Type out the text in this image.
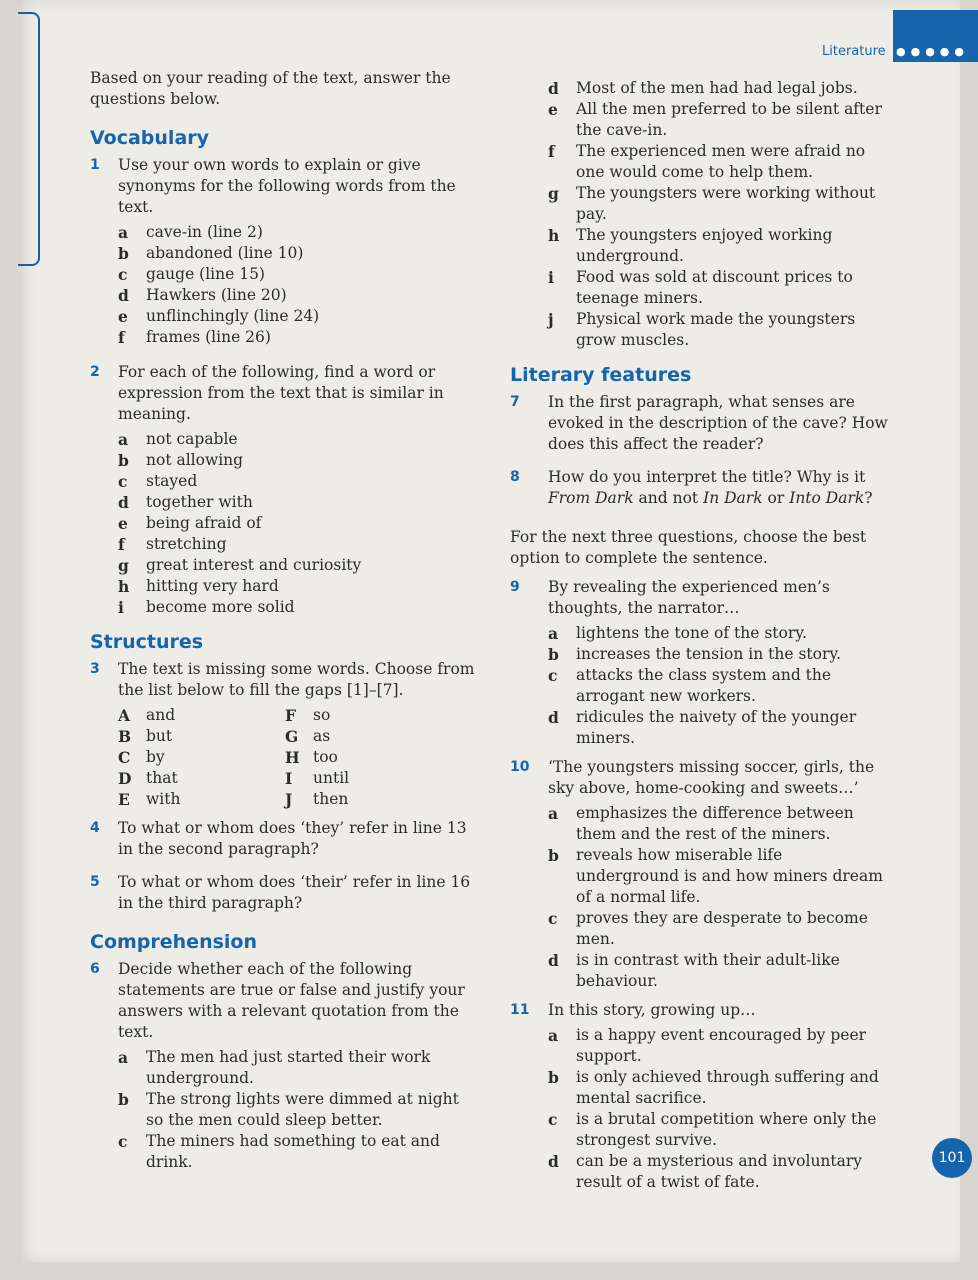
●●●●●
Literature

Based on your reading of the text, answer the questions below.

Vocabulary
1	Use your own words to explain or give synonyms for the following words from the text.
a	cave-in (line 2)
b	abandoned (line 10)
c	gauge (line 15)
d	Hawkers (line 20)
e	unflinchingly (line 24)
f	frames (line 26)
2	For each of the following, find a word or expression from the text that is similar in meaning.
a	not capable
b	not allowing
c	stayed
d	together with
e	being afraid of
f	stretching
g	great interest and curiosity
h	hitting very hard
i	become more solid
Structures
3	The text is missing some words. Choose from the list below to fill the gaps [1]–[7].
A	and	F	so
B but	G as
C	by	H too
D that	I	until
E	with	J	then
4	To what or whom does ‘they’ refer in line 13 in the second paragraph?
5	To what or whom does ‘their’ refer in line 16 in the third paragraph?
Comprehension
6	Decide whether each of the following statements are true or false and justify your answers with a relevant quotation from the text.
a	The men had just started their work underground.
b	The strong lights were dimmed at night so the men could sleep better.
c	The miners had something to eat and drink.
d	Most of the men had had legal jobs.
e	All the men preferred to be silent after the cave-in.
f	The experienced men were afraid no one would come to help them.
g	The youngsters were working without pay.
h	The youngsters enjoyed working underground.
i	Food was sold at discount prices to teenage miners.
j	Physical work made the youngsters grow muscles.
Literary features
7	In the first paragraph, what senses are evoked in the description of the cave? How does this affect the reader?
8	How do you interpret the title? Why is it From Dark and not In Dark or Into Dark?

For the next three questions, choose the best option to complete the sentence.

9	By revealing the experienced men’s thoughts, the narrator…
a	lightens the tone of the story.
b	increases the tension in the story.
c	attacks the class system and the arrogant new workers.
d	ridicules the naivety of the younger miners.
10	‘The youngsters missing soccer, girls, the sky above, home-cooking and sweets…’
a	emphasizes the difference between them and the rest of the miners.
b	reveals how miserable life underground is and how miners dream of a normal life.
c	proves they are desperate to become men.
d	is in contrast with their adult-like behaviour.
11	In this story, growing up…
a	is a happy event encouraged by peer support.
b	is only achieved through suffering and mental sacrifice.
c	is a brutal competition where only the strongest survive.
d	can be a mysterious and involuntary result of a twist of fate.
101
